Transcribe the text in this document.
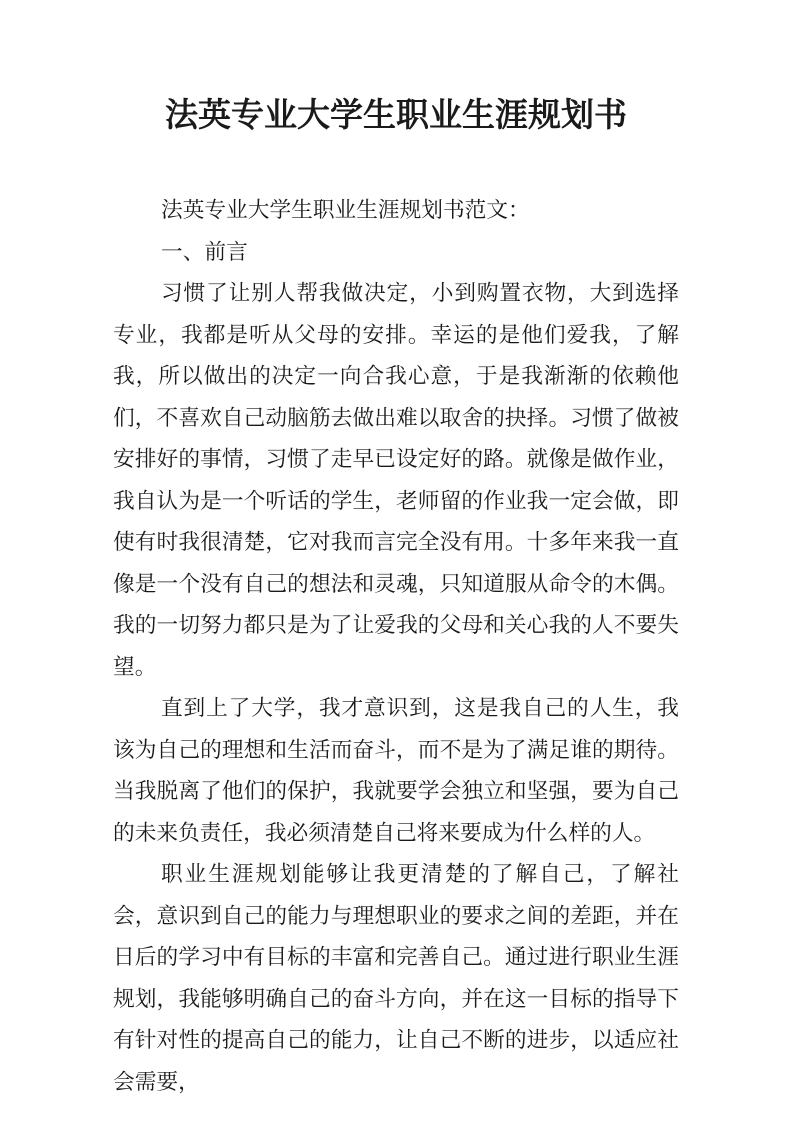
法英专业大学生职业生涯规划书

法英专业大学生职业生涯规划书范文：

一、前言

习惯了让别人帮我做决定，小到购置衣物，大到选择专业，我都是听从父母的安排。幸运的是他们爱我，了解我，所以做出的决定一向合我心意，于是我渐渐的依赖他们，不喜欢自己动脑筋去做出难以取舍的抉择。习惯了做被安排好的事情，习惯了走早已设定好的路。就像是做作业，我自认为是一个听话的学生，老师留的作业我一定会做，即使有时我很清楚，它对我而言完全没有用。十多年来我一直像是一个没有自己的想法和灵魂，只知道服从命令的木偶。我的一切努力都只是为了让爱我的父母和关心我的人不要失望。

直到上了大学，我才意识到，这是我自己的人生，我该为自己的理想和生活而奋斗，而不是为了满足谁的期待。当我脱离了他们的保护，我就要学会独立和坚强，要为自己的未来负责任，我必须清楚自己将来要成为什么样的人。

职业生涯规划能够让我更清楚的了解自己，了解社会，意识到自己的能力与理想职业的要求之间的差距，并在日后的学习中有目标的丰富和完善自己。通过进行职业生涯规划，我能够明确自己的奋斗方向，并在这一目标的指导下有针对性的提高自己的能力，让自己不断的进步，以适应社会需要，
